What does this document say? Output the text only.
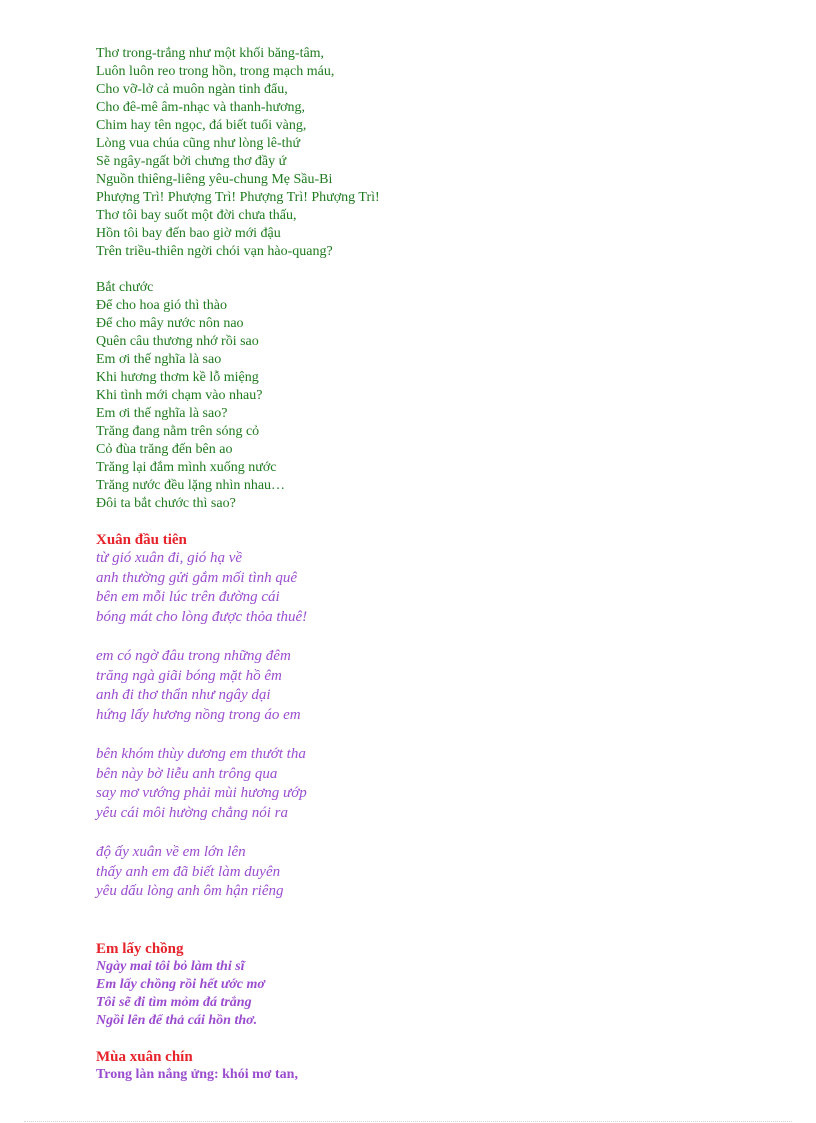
Thơ trong-trắng như một khối băng-tâm,

Luôn luôn reo trong hồn, trong mạch máu,

Cho vỡ-lở cả muôn ngàn tinh đẩu,

Cho đê-mê âm-nhạc và thanh-hương,

Chim hay tên ngọc, đá biết tuổi vàng,

Lòng vua chúa cũng như lòng lê-thứ

Sẽ ngây-ngất bởi chưng thơ đầy ứ

Nguồn thiêng-liêng yêu-chung Mẹ Sầu-Bi

Phượng Trì! Phượng Trì! Phượng Trì! Phượng Trì!

Thơ tôi bay suốt một đời chưa thấu,

Hồn tôi bay đến bao giờ mới đậu

Trên triều-thiên ngời chói vạn hào-quang?

Bắt chước

Để cho hoa gió thì thào

Để cho mây nước nôn nao

Quên câu thương nhớ rồi sao

Em ơi thế nghĩa là sao

Khi hương thơm kề lỗ miệng

Khi tình mới chạm vào nhau?

Em ơi thế nghĩa là sao?

Trăng đang nằm trên sóng cỏ

Cỏ đùa trăng đến bên ao

Trăng lại đắm mình xuống nước

Trăng nước đều lặng nhìn nhau…

Đôi ta bắt chước thì sao?

Xuân đầu tiên

từ gió xuân đi, gió hạ về

anh thường gửi gắm mối tình quê

bên em mỗi lúc trên đường cái

bóng mát cho lòng được thỏa thuê!

em có ngờ đâu trong những đêm

trăng ngà giãi bóng mặt hồ êm

anh đi thơ thẩn như ngây dại

hứng lấy hương nồng trong áo em

bên khóm thùy dương em thướt tha

bên này bờ liễu anh trông qua

say mơ vướng phải mùi hương ướp

yêu cái môi hường chẳng nói ra

độ ấy xuân về em lớn lên

thấy anh em đã biết làm duyên

yêu dấu lòng anh ôm hận riêng

Em lấy chồng

Ngày mai tôi bỏ làm thi sĩ

Em lấy chồng rồi hết ước mơ

Tôi sẽ đi tìm mỏm đá trắng

Ngồi lên để thả cái hồn thơ.

Mùa xuân chín

Trong làn nắng ửng: khói mơ tan,
